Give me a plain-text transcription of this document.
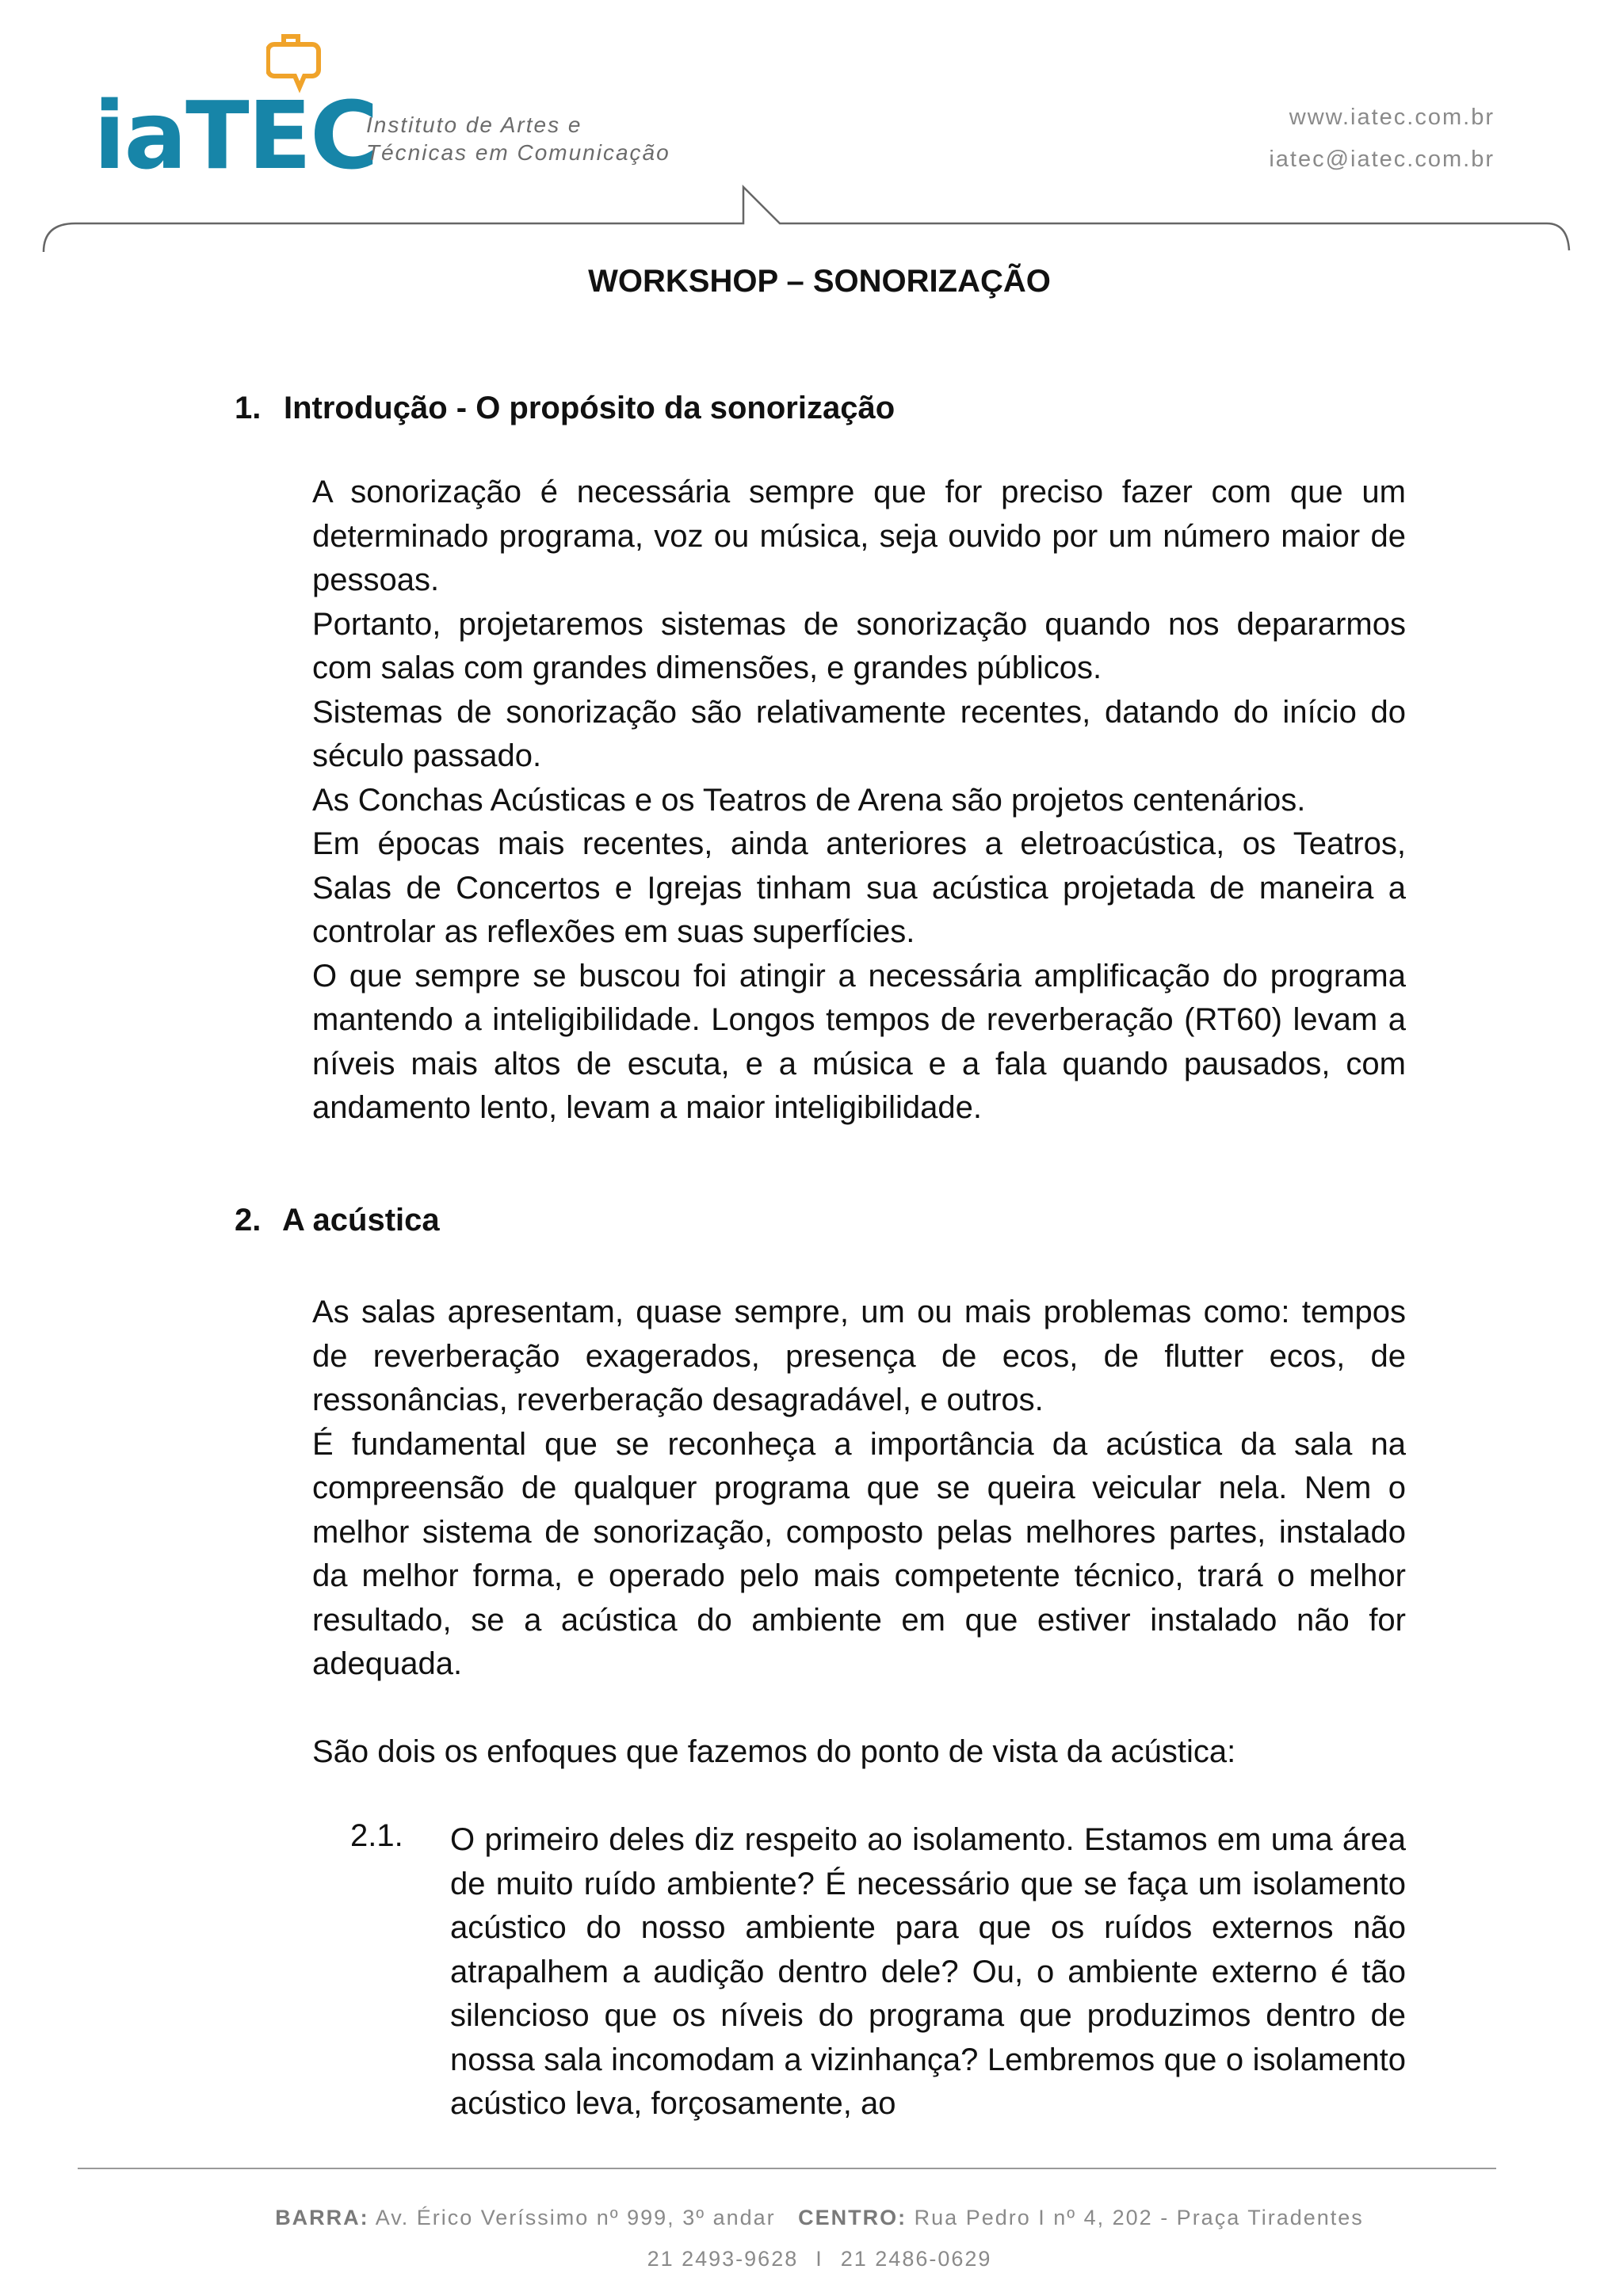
iaTEC
Instituto de Artes e
Técnicas em Comunicação
www.iatec.com.br
iatec@iatec.com.br
WORKSHOP – SONORIZAÇÃO
1. Introdução - O propósito da sonorização

A sonorização é necessária sempre que for preciso fazer com que um determinado programa, voz ou música, seja ouvido por um número maior de pessoas.

Portanto, projetaremos sistemas de sonorização quando nos depararmos com salas com grandes dimensões, e grandes públicos.

Sistemas de sonorização são relativamente recentes, datando do início do século passado.

As Conchas Acústicas e os Teatros de Arena são projetos centenários.

Em épocas mais recentes, ainda anteriores a eletroacústica, os Teatros, Salas de Concertos e Igrejas tinham sua acústica projetada de maneira a controlar as reflexões em suas superfícies.

O que sempre se buscou foi atingir a necessária amplificação do programa mantendo a inteligibilidade. Longos tempos de reverberação (RT60) levam a níveis mais altos de escuta, e a música e a fala quando pausados, com andamento lento, levam a maior inteligibilidade.

2. A acústica

As salas apresentam, quase sempre, um ou mais problemas como: tempos de reverberação exagerados, presença de ecos, de flutter ecos, de ressonâncias, reverberação desagradável, e outros.

É fundamental que se reconheça a importância da acústica da sala na compreensão de qualquer programa que se queira veicular nela. Nem o melhor sistema de sonorização, composto pelas melhores partes, instalado da melhor forma, e operado pelo mais competente técnico, trará o melhor resultado, se a acústica do ambiente em que estiver instalado não for adequada.

São dois os enfoques que fazemos do ponto de vista da acústica:

2.1. O primeiro deles diz respeito ao isolamento. Estamos em uma área de muito ruído ambiente? É necessário que se faça um isolamento acústico do nosso ambiente para que os ruídos externos não atrapalhem a audição dentro dele? Ou, o ambiente externo é tão silencioso que os níveis do programa que produzimos dentro de nossa sala incomodam a vizinhança? Lembremos que o isolamento acústico leva, forçosamente, ao

BARRA: Av. Érico Veríssimo nº 999, 3º andar CENTRO: Rua Pedro I nº 4, 202 - Praça Tiradentes
21 2493-9628 I 21 2486-0629
